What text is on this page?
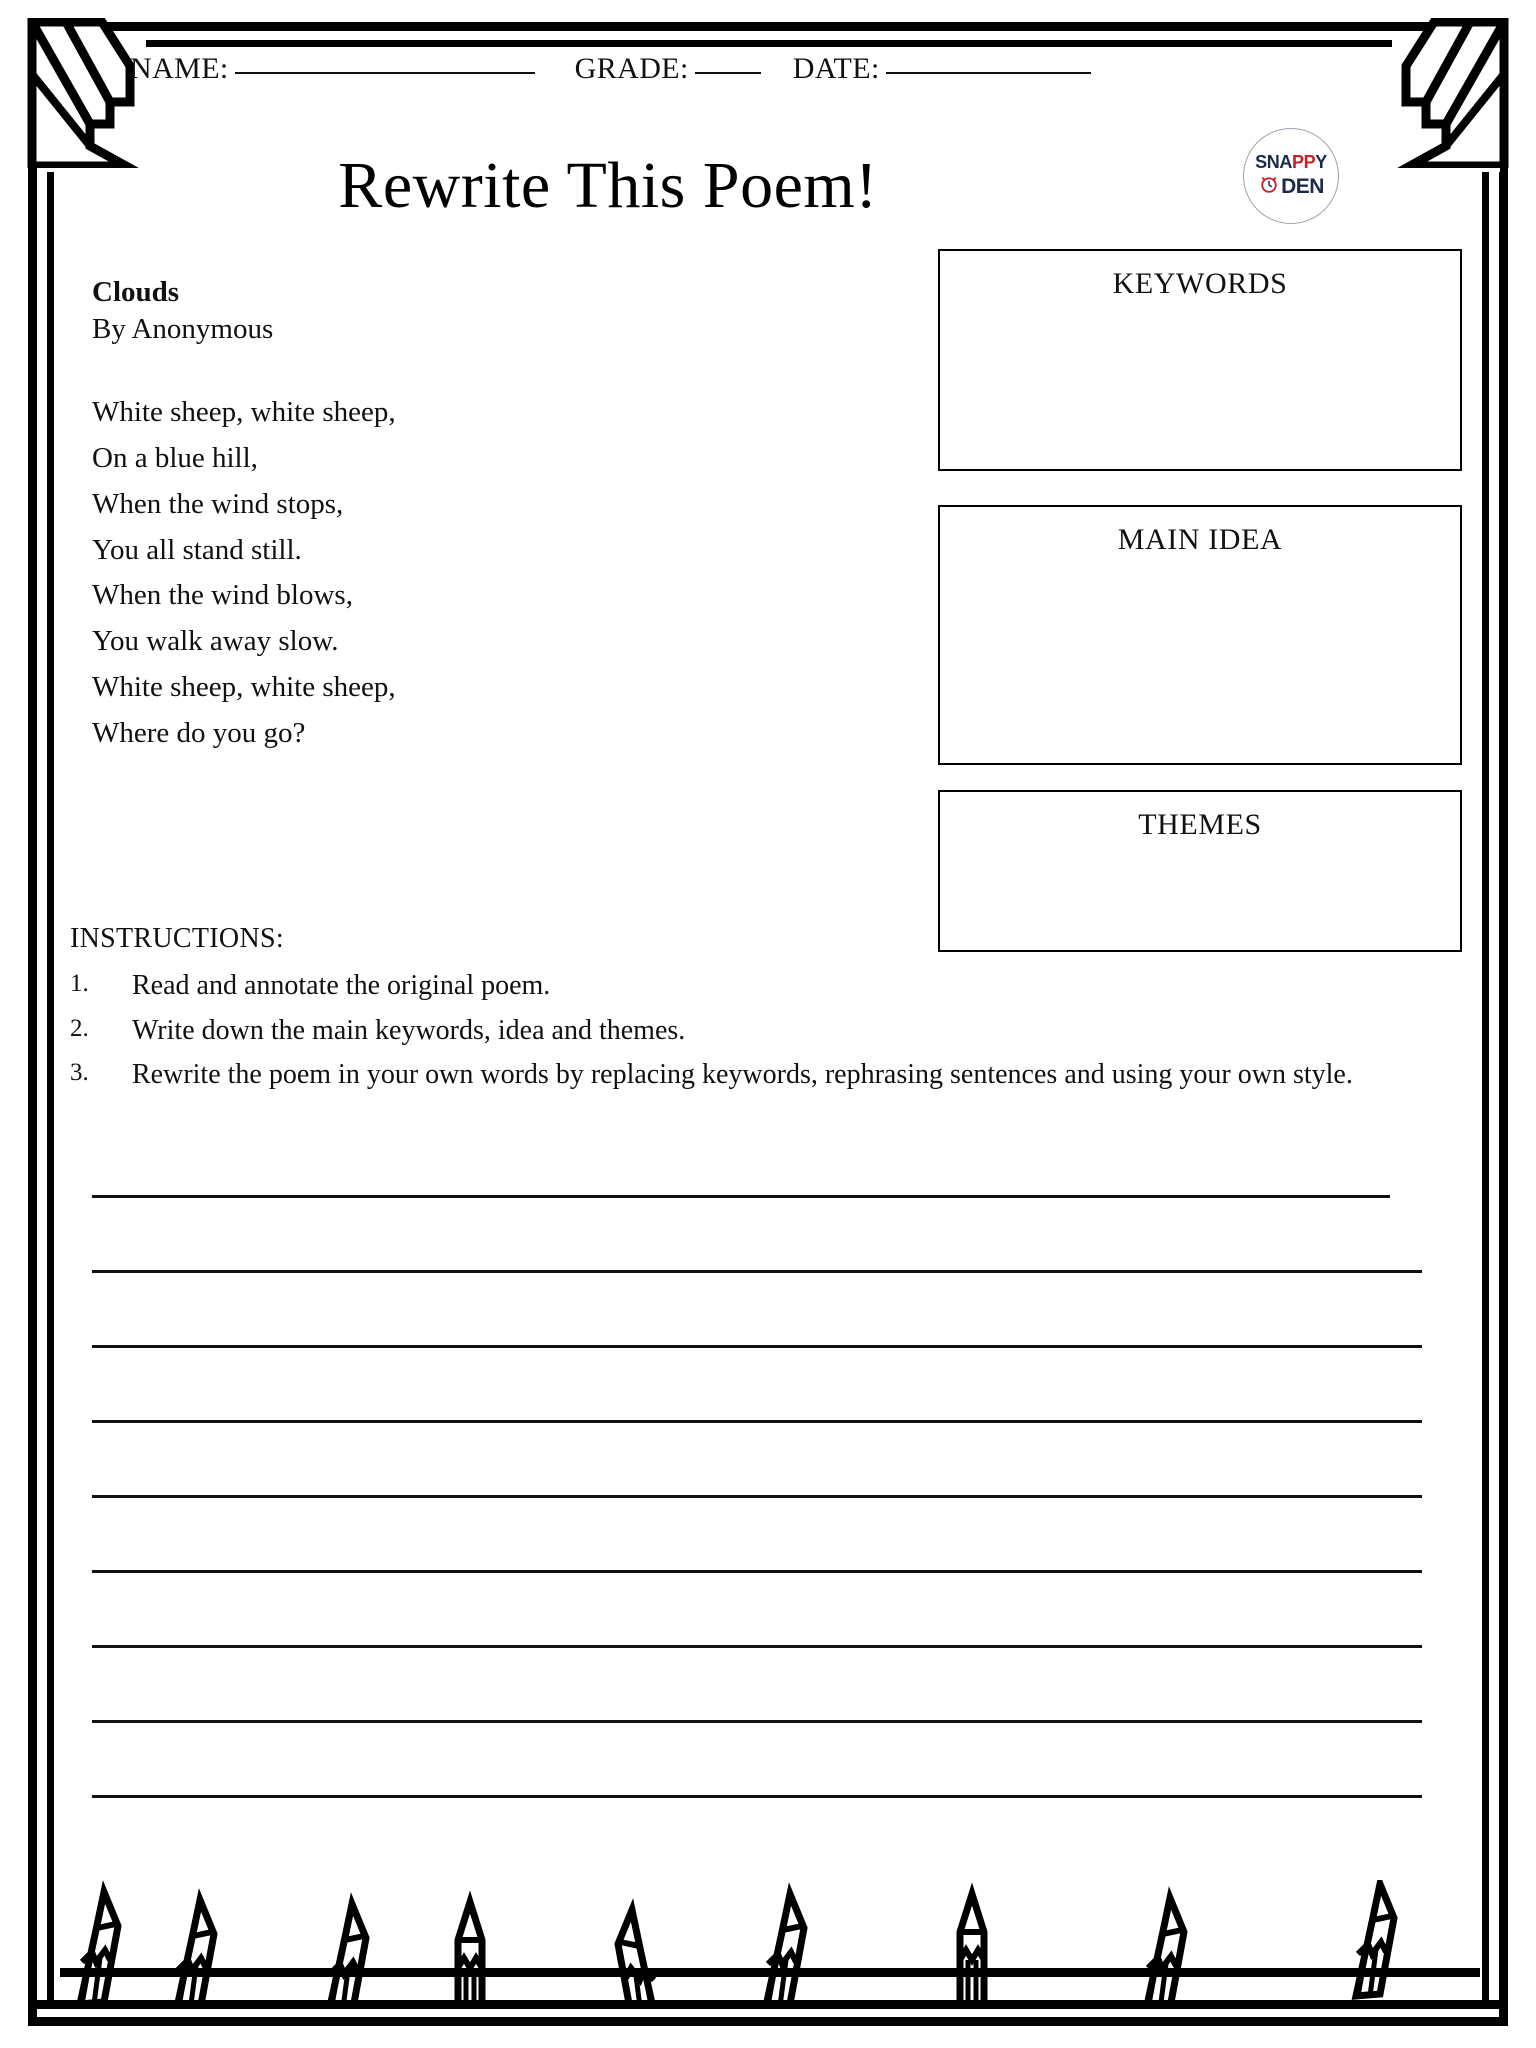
NAME:	GRADE:	DATE:
Rewrite This Poem!	SNA PP Y
DEN
Clouds
By Anonymous
White sheep, white sheep,
On a blue hill,
When the wind stops,
You all stand still.
When the wind blows,
You walk away slow.
White sheep, white sheep,
Where do you go?
KEYWORDS
MAIN IDEA
THEMES
INSTRUCTIONS:
1.	Read and annotate the original poem.
2.	Write down the main keywords, idea and themes.
3.	Rewrite the poem in your own words by replacing keywords, rephrasing sentences and using your own style.
